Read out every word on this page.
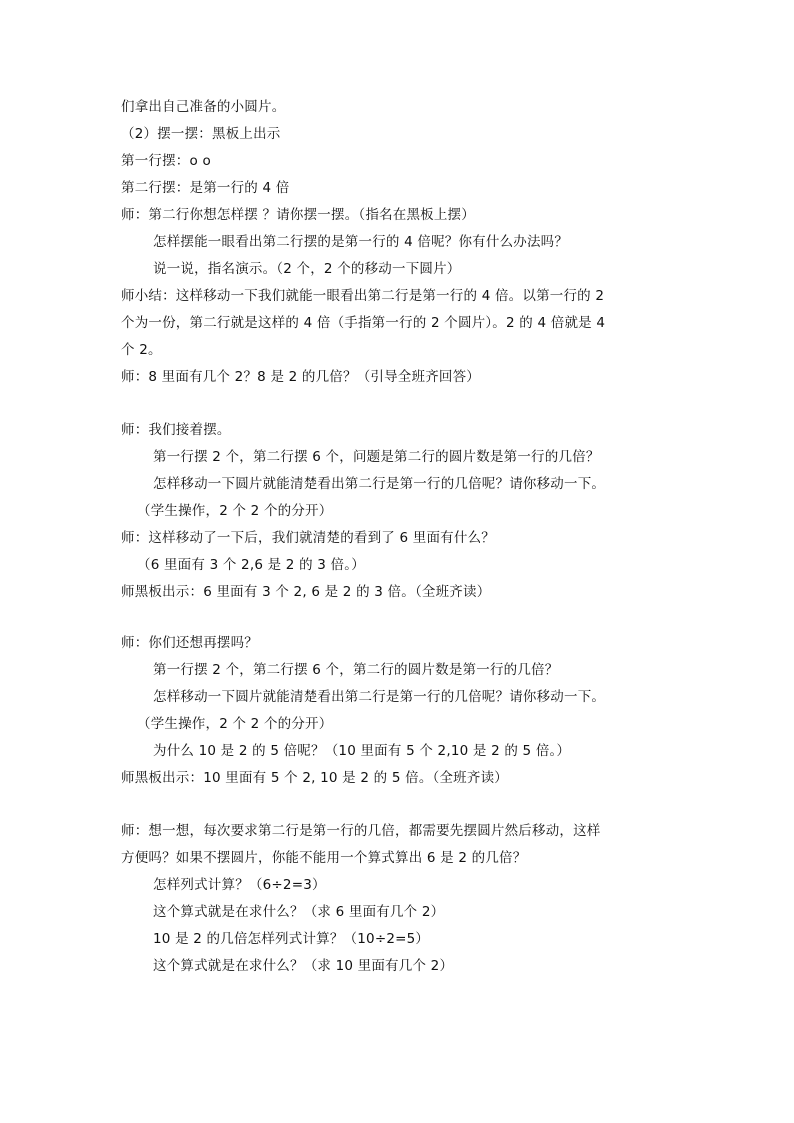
们拿出自己准备的小圆片。
（2）摆一摆：黑板上出示
第一行摆：o o
第二行摆：是第一行的 4 倍
师：第二行你想怎样摆 ？请你摆一摆。（指名在黑板上摆）
怎样摆能一眼看出第二行摆的是第一行的 4 倍呢？你有什么办法吗？
说一说，指名演示。（2 个，2 个的移动一下圆片）
师小结：这样移动一下我们就能一眼看出第二行是第一行的 4 倍。以第一行的 2
个为一份，第二行就是这样的 4 倍（手指第一行的 2 个圆片）。2 的 4 倍就是 4
个 2。
师：8 里面有几个 2？8 是 2 的几倍？（引导全班齐回答）
师：我们接着摆。
第一行摆 2 个，第二行摆 6 个，问题是第二行的圆片数是第一行的几倍？
怎样移动一下圆片就能清楚看出第二行是第一行的几倍呢？请你移动一下。
（学生操作，2 个 2 个的分开）
师：这样移动了一下后，我们就清楚的看到了 6 里面有什么？
（6 里面有 3 个 2,6 是 2 的 3 倍。）
师黑板出示：6 里面有 3 个 2, 6 是 2 的 3 倍。（全班齐读）
师：你们还想再摆吗？
第一行摆 2 个，第二行摆 6 个，第二行的圆片数是第一行的几倍？
怎样移动一下圆片就能清楚看出第二行是第一行的几倍呢？请你移动一下。
（学生操作，2 个 2 个的分开）
为什么 10 是 2 的 5 倍呢？（10 里面有 5 个 2,10 是 2 的 5 倍。）
师黑板出示：10 里面有 5 个 2, 10 是 2 的 5 倍。（全班齐读）
师：想一想，每次要求第二行是第一行的几倍，都需要先摆圆片然后移动，这样
方便吗？如果不摆圆片，你能不能用一个算式算出 6 是 2 的几倍？
怎样列式计算？（6÷2=3）
这个算式就是在求什么？（求 6 里面有几个 2）
10 是 2 的几倍怎样列式计算？（10÷2=5）
这个算式就是在求什么？（求 10 里面有几个 2）
